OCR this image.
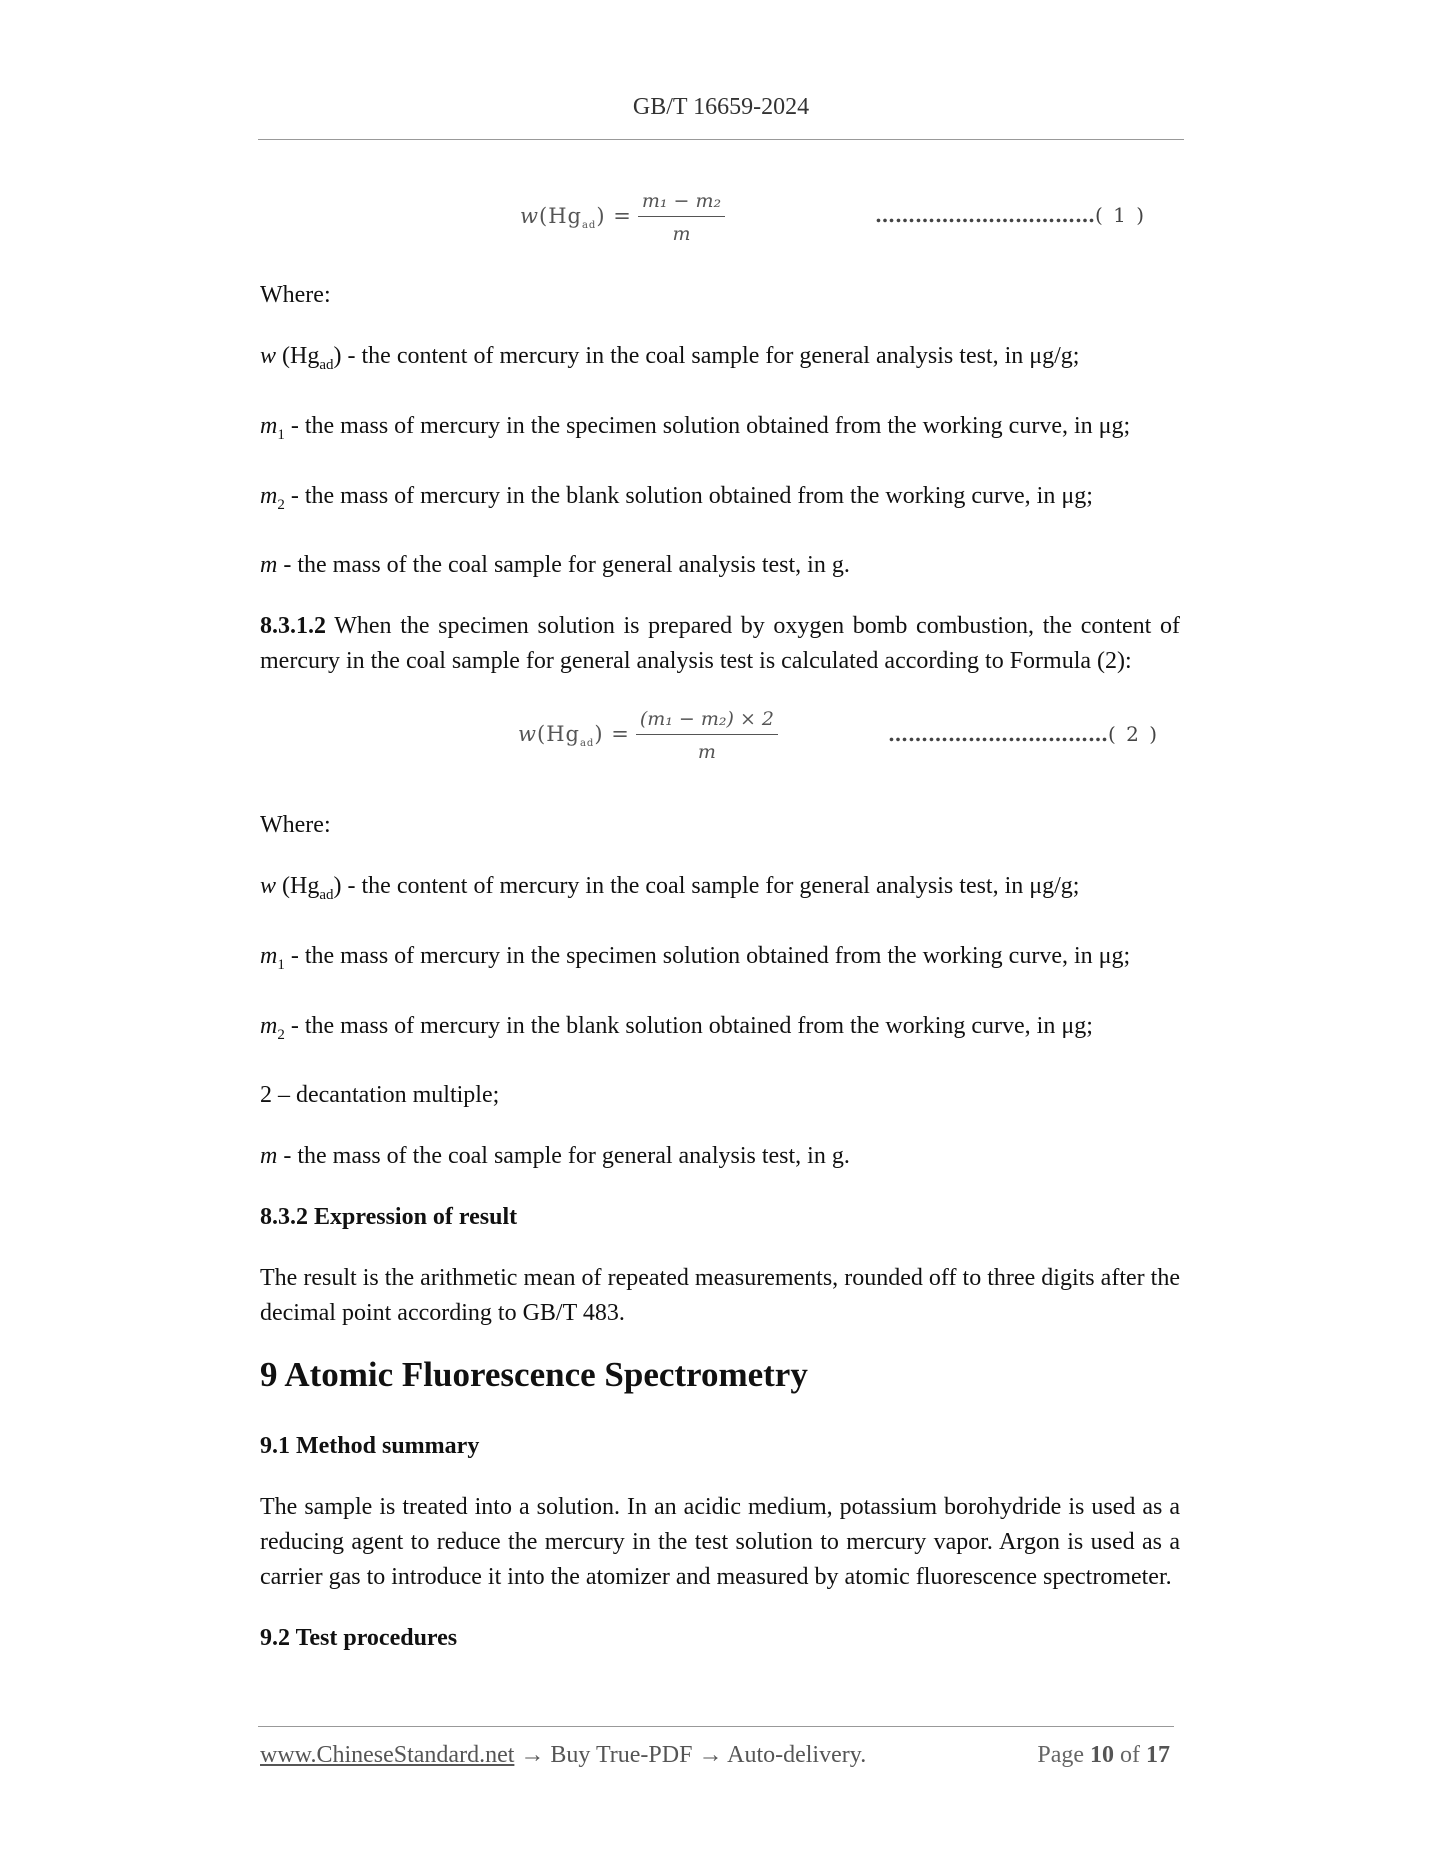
GB/T 16659-2024
$w(Hg_{ad}) = \frac{\text{m₁ − m₂}}{m}$	……………………………( 1 )

Where:

w $(Hg_{ad})$ - the content of mercury in the coal sample for general analysis test, in μg/g;

$m_1$ - the mass of mercury in the specimen solution obtained from the working curve, in μg;

$m_2$ - the mass of mercury in the blank solution obtained from the working curve, in μg;

m - the mass of the coal sample for general analysis test, in g.

8.3.1.2 When the specimen solution is prepared by oxygen bomb combustion, the content of mercury in the coal sample for general analysis test is calculated according to Formula (2):

$w(Hg_{ad}) = \frac{\text{(m₁ − m₂) × 2}}{m}$	……………………………( 2 )

Where:

w $(Hg_{ad})$ - the content of mercury in the coal sample for general analysis test, in μg/g;

$m_1$ - the mass of mercury in the specimen solution obtained from the working curve, in μg;

$m_2$ - the mass of mercury in the blank solution obtained from the working curve, in μg;

2 – decantation multiple;

m - the mass of the coal sample for general analysis test, in g.

8.3.2 Expression of result

The result is the arithmetic mean of repeated measurements, rounded off to three digits after the decimal point according to GB/T 483.

9 Atomic Fluorescence Spectrometry

9.1 Method summary

The sample is treated into a solution. In an acidic medium, potassium borohydride is used as a reducing agent to reduce the mercury in the test solution to mercury vapor. Argon is used as a carrier gas to introduce it into the atomizer and measured by atomic fluorescence spectrometer.

9.2 Test procedures

www.ChineseStandard.net → Buy True-PDF → Auto-delivery.	Page 10 of 17
